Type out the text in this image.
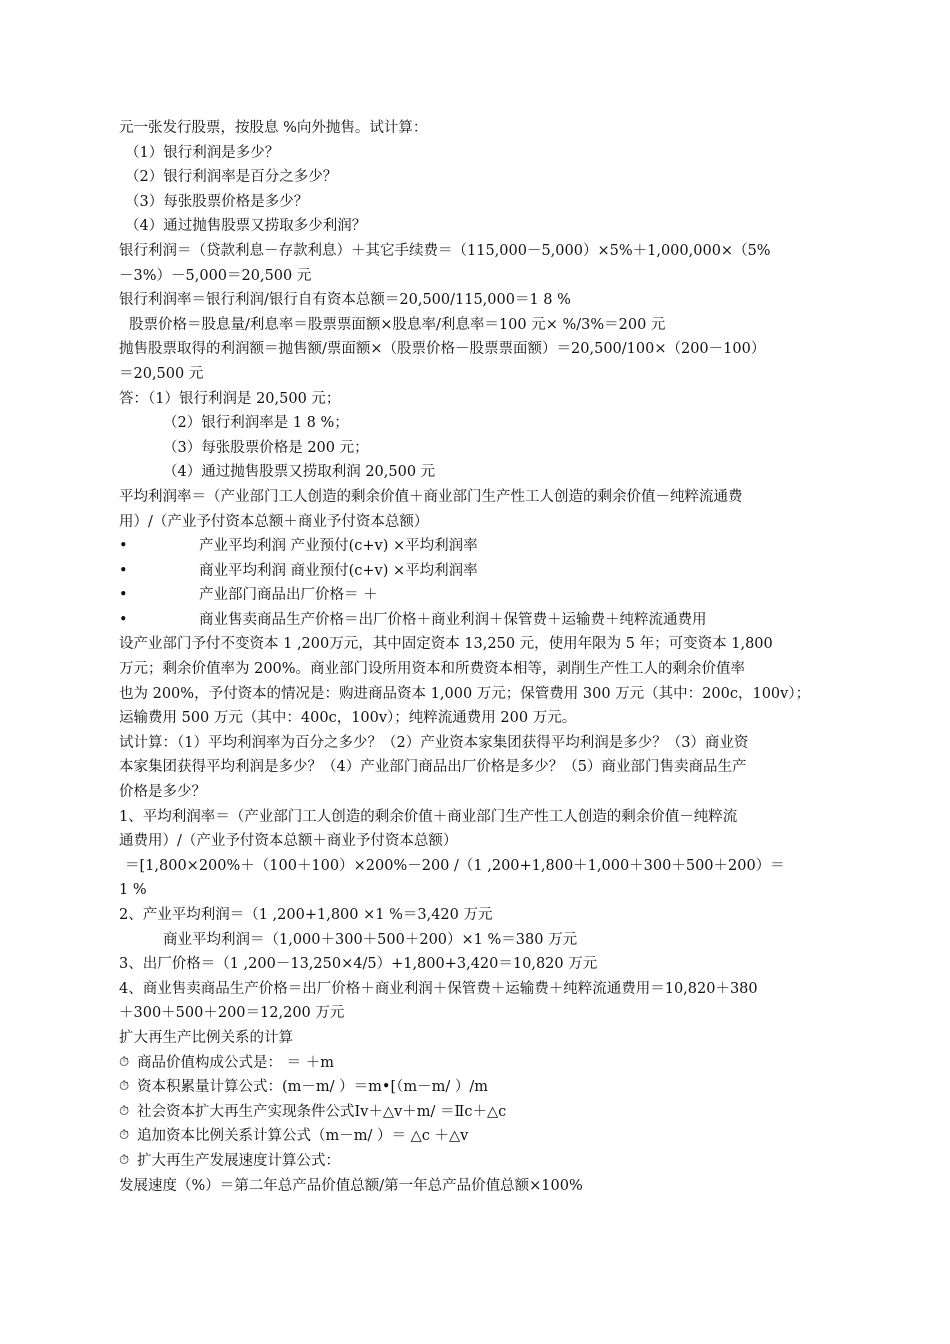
元一张发行股票，按股息 %向外抛售。试计算：
（1）银行利润是多少？
（2）银行利润率是百分之多少？
（3）每张股票价格是多少？
（4）通过抛售股票又捞取多少利润？
银行利润＝（贷款利息－存款利息）＋其它手续费＝（115,000－5,000）×5%＋1,000,000×（5%
－3%）－5,000＝20,500 元
银行利润率＝银行利润/银行自有资本总额＝20,500/115,000＝1 8 %
股票价格＝股息量/利息率＝股票票面额×股息率/利息率＝100 元× %/3%＝200 元
抛售股票取得的利润额＝抛售额/票面额×（股票价格－股票票面额）＝20,500/100×（200－100）
＝20,500 元
答：（1）银行利润是 20,500 元；
（2）银行利润率是 1 8 %；
（3）每张股票价格是 200 元；
（4）通过抛售股票又捞取利润 20,500 元
平均利润率＝（产业部门工人创造的剩余价值＋商业部门生产性工人创造的剩余价值－纯粹流通费
用）/（产业予付资本总额＋商业予付资本总额）
•	产业平均利润 产业预付(c+v) ×平均利润率
•	商业平均利润 商业预付(c+v) ×平均利润率
•	产业部门商品出厂价格＝ ＋
•	商业售卖商品生产价格＝出厂价格＋商业利润＋保管费＋运输费＋纯粹流通费用
设产业部门予付不变资本 1 ,200万元，其中固定资本 13,250 元，使用年限为 5 年；可变资本 1,800
万元；剩余价值率为 200%。商业部门设所用资本和所费资本相等，剥削生产性工人的剩余价值率
也为 200%，予付资本的情况是：购进商品资本 1,000 万元；保管费用 300 万元（其中：200c，100v）；
运输费用 500 万元（其中：400c，100v）；纯粹流通费用 200 万元。
试计算：（1）平均利润率为百分之多少？（2）产业资本家集团获得平均利润是多少？（3）商业资
本家集团获得平均利润是多少？（4）产业部门商品出厂价格是多少？（5）商业部门售卖商品生产
价格是多少？
1、平均利润率＝（产业部门工人创造的剩余价值＋商业部门生产性工人创造的剩余价值－纯粹流
通费用）/（产业予付资本总额＋商业予付资本总额）
＝[1,800×200%＋（100＋100）×200%－200 /（1 ,200+1,800＋1,000＋300＋500＋200）＝
1 %
2、产业平均利润＝（1 ,200+1,800 ×1 %＝3,420 万元
商业平均利润＝（1,000＋300＋500＋200）×1 %＝380 万元
3、出厂价格＝（1 ,200－13,250×4/5）+1,800+3,420＝10,820 万元
4、商业售卖商品生产价格＝出厂价格＋商业利润＋保管费＋运输费＋纯粹流通费用＝10,820＋380
＋300＋500＋200＝12,200 万元
扩大再生产比例关系的计算
⏱ 商品价值构成公式是： ＝ ＋m
⏱ 资本积累量计算公式：(m－m/ ）＝m•[（m－m/ ）/m
⏱ 社会资本扩大再生产实现条件公式Ⅰv＋△v＋m/ ＝Ⅱc＋△c
⏱ 追加资本比例关系计算公式（m－m/ ）＝ △c ＋△v
⏱ 扩大再生产发展速度计算公式：
发展速度（%）＝第二年总产品价值总额/第一年总产品价值总额×100%
